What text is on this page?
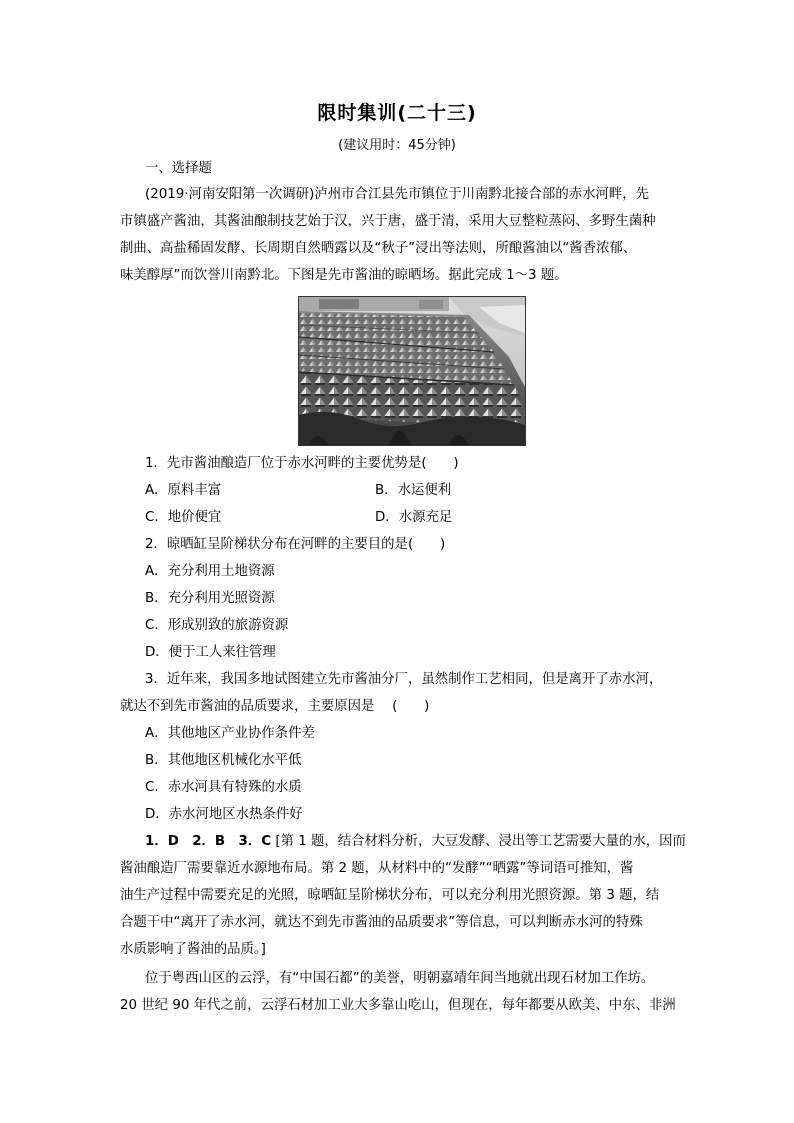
限时集训(二十三)
(建议用时：45分钟)
一、选择题
(2019·河南安阳第一次调研)泸州市合江县先市镇位于川南黔北接合部的赤水河畔，先
市镇盛产酱油，其酱油酿制技艺始于汉，兴于唐，盛于清，采用大豆整粒蒸闷、多野生菌种
制曲、高盐稀固发酵、长周期自然晒露以及“秋子”浸出等法则，所酿酱油以“酱香浓郁、
味美醇厚”而饮誉川南黔北。下图是先市酱油的晾晒场。据此完成 1～3 题。
1．先市酱油酿造厂位于赤水河畔的主要优势是(　　)
A．原料丰富	B．水运便利
C．地价便宜	D．水源充足
2．晾晒缸呈阶梯状分布在河畔的主要目的是(　　)
A．充分利用土地资源
B．充分利用光照资源
C．形成别致的旅游资源
D．便于工人来往管理
3．近年来，我国多地试图建立先市酱油分厂，虽然制作工艺相同，但是离开了赤水河，
就达不到先市酱油的品质要求，主要原因是　 (　　)
A．其他地区产业协作条件差
B．其他地区机械化水平低
C．赤水河具有特殊的水质
D．赤水河地区水热条件好
1．D　2．B　3．C [第 1 题，结合材料分析，大豆发酵、浸出等工艺需要大量的水，因而
酱油酿造厂需要靠近水源地布局。第 2 题，从材料中的“发酵”“晒露”等词语可推知，酱
油生产过程中需要充足的光照，晾晒缸呈阶梯状分布，可以充分利用光照资源。第 3 题，结
合题干中“离开了赤水河，就达不到先市酱油的品质要求”等信息，可以判断赤水河的特殊
水质影响了酱油的品质。]
位于粤西山区的云浮，有“中国石都”的美誉，明朝嘉靖年间当地就出现石材加工作坊。
20 世纪 90 年代之前，云浮石材加工业大多靠山吃山，但现在，每年都要从欧美、中东、非洲
